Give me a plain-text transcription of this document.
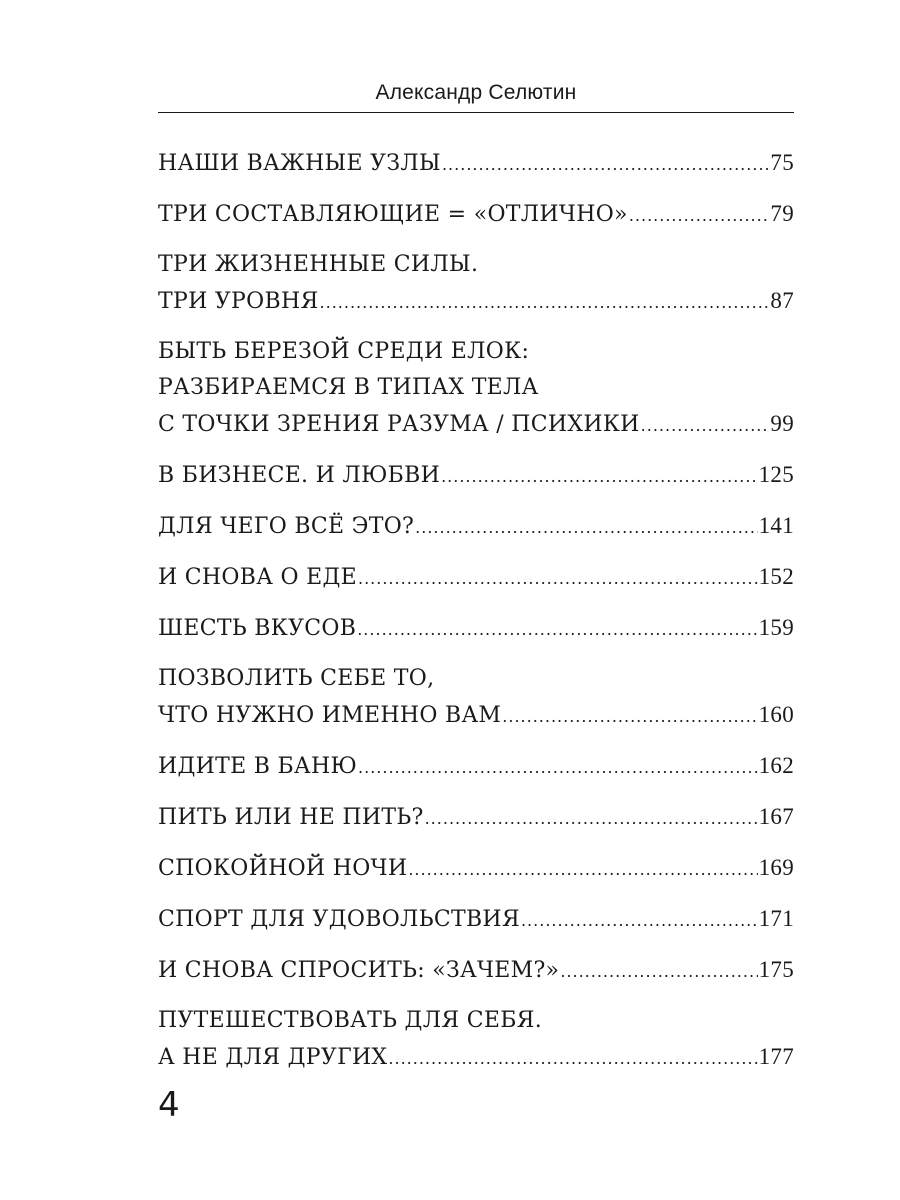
Александр Селютин
НАШИ ВАЖНЫЕ УЗЛЫ .....	75
ТРИ СОСТАВЛЯЮЩИЕ = «ОТЛИЧНО» .....	79
ТРИ ЖИЗНЕННЫЕ СИЛЫ.
ТРИ УРОВНЯ .....	87
БЫТЬ БЕРЕЗОЙ СРЕДИ ЕЛОК:
РАЗБИРАЕМСЯ В ТИПАХ ТЕЛА
С ТОЧКИ ЗРЕНИЯ РАЗУМА / ПСИХИКИ .....	99
В БИЗНЕСЕ. И ЛЮБВИ .....	125
ДЛЯ ЧЕГО ВСЁ ЭТО? .....	141
И СНОВА О ЕДЕ .....	152
ШЕСТЬ ВКУСОВ .....	159
ПОЗВОЛИТЬ СЕБЕ ТО,
ЧТО НУЖНО ИМЕННО ВАМ .....	160
ИДИТЕ В БАНЮ .....	162
ПИТЬ ИЛИ НЕ ПИТЬ? .....	167
СПОКОЙНОЙ НОЧИ .....	169
СПОРТ ДЛЯ УДОВОЛЬСТВИЯ .....	171
И СНОВА СПРОСИТЬ: «ЗАЧЕМ?» .....	175
ПУТЕШЕСТВОВАТЬ ДЛЯ СЕБЯ.
А НЕ ДЛЯ ДРУГИХ .....	177
4
